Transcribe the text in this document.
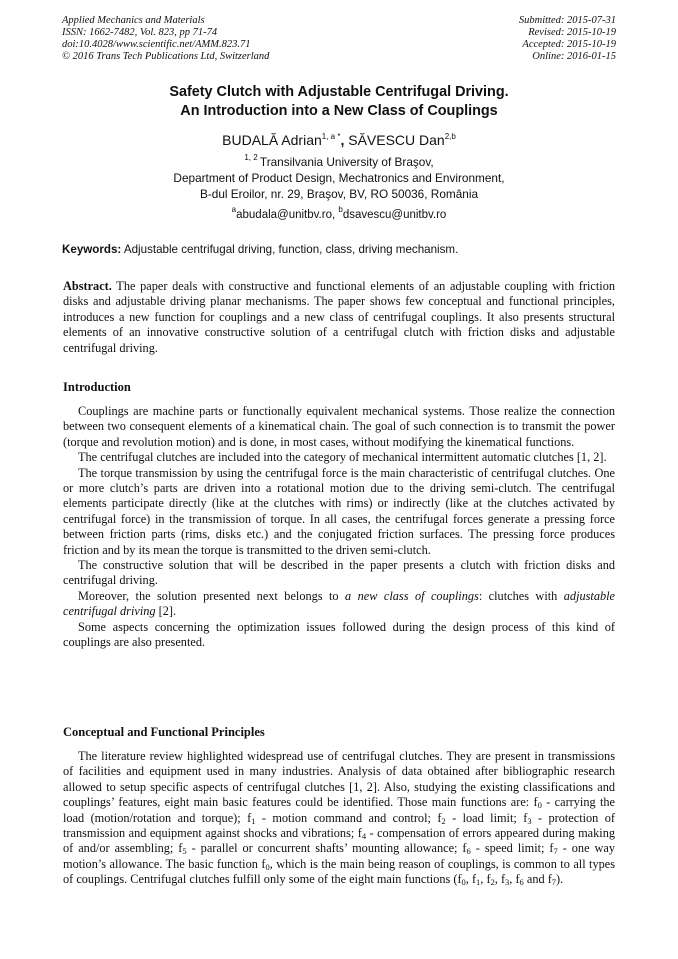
Applied Mechanics and Materials
ISSN: 1662-7482, Vol. 823, pp 71-74
doi:10.4028/www.scientific.net/AMM.823.71
© 2016 Trans Tech Publications Ltd, Switzerland
Submitted: 2015-07-31
Revised: 2015-10-19
Accepted: 2015-10-19
Online: 2016-01-15
Safety Clutch with Adjustable Centrifugal Driving.
An Introduction into a New Class of Couplings
BUDALĂ Adrian$^{1, a *}$, SĂVESCU Dan$^{2,b}$
$^{1, 2}$ Transilvania University of Braşov,
Department of Product Design, Mechatronics and Environment,
B-dul Eroilor, nr. 29, Braşov, BV, RO 50036, România
$^a$abudala@unitbv.ro, $^b$dsavescu@unitbv.ro
Keywords: Adjustable centrifugal driving, function, class, driving mechanism.

Abstract. The paper deals with constructive and functional elements of an adjustable coupling with friction disks and adjustable driving planar mechanisms. The paper shows few conceptual and functional principles, introduces a new function for couplings and a new class of centrifugal couplings. It also presents structural elements of an innovative constructive solution of a centrifugal clutch with friction disks and adjustable centrifugal driving.

Introduction

Couplings are machine parts or functionally equivalent mechanical systems. Those realize the connection between two consequent elements of a kinematical chain. The goal of such connection is to transmit the power (torque and revolution motion) and is done, in most cases, without modifying the kinematical functions.

The centrifugal clutches are included into the category of mechanical intermittent automatic clutches [1, 2].

The torque transmission by using the centrifugal force is the main characteristic of centrifugal clutches. One or more clutch’s parts are driven into a rotational motion due to the driving semi-clutch. The centrifugal elements participate directly (like at the clutches with rims) or indirectly (like at the clutches activated by centrifugal force) in the transmission of torque. In all cases, the centrifugal forces generate a pressing force between friction parts (rims, disks etc.) and the conjugated friction surfaces. The pressing force produces friction and by its mean the torque is transmitted to the driven semi-clutch.

The constructive solution that will be described in the paper presents a clutch with friction disks and centrifugal driving.

Moreover, the solution presented next belongs to a new class of couplings: clutches with adjustable centrifugal driving [2].

Some aspects concerning the optimization issues followed during the design process of this kind of couplings are also presented.

Conceptual and Functional Principles

The literature review highlighted widespread use of centrifugal clutches. They are present in transmissions of facilities and equipment used in many industries. Analysis of data obtained after bibliographic research allowed to setup specific aspects of centrifugal clutches [1, 2]. Also, studying the existing classifications and couplings’ features, eight main basic features could be identified. Those main functions are: $f_0$ - carrying the load (motion/rotation and torque); $f_1$ - motion command and control; $f_2$ - load limit; $f_3$ - protection of transmission and equipment against shocks and vibrations; $f_4$ - compensation of errors appeared during making of and/or assembling; $f_5$ - parallel or concurrent shafts’ mounting allowance; $f_6$ - speed limit; $f_7$ - one way motion’s allowance. The basic function $f_0$, which is the main being reason of couplings, is common to all types of couplings. Centrifugal clutches fulfill only some of the eight main functions ($f_0$, $f_1$, $f_2$, $f_3$, $f_6$ and $f_7$).
